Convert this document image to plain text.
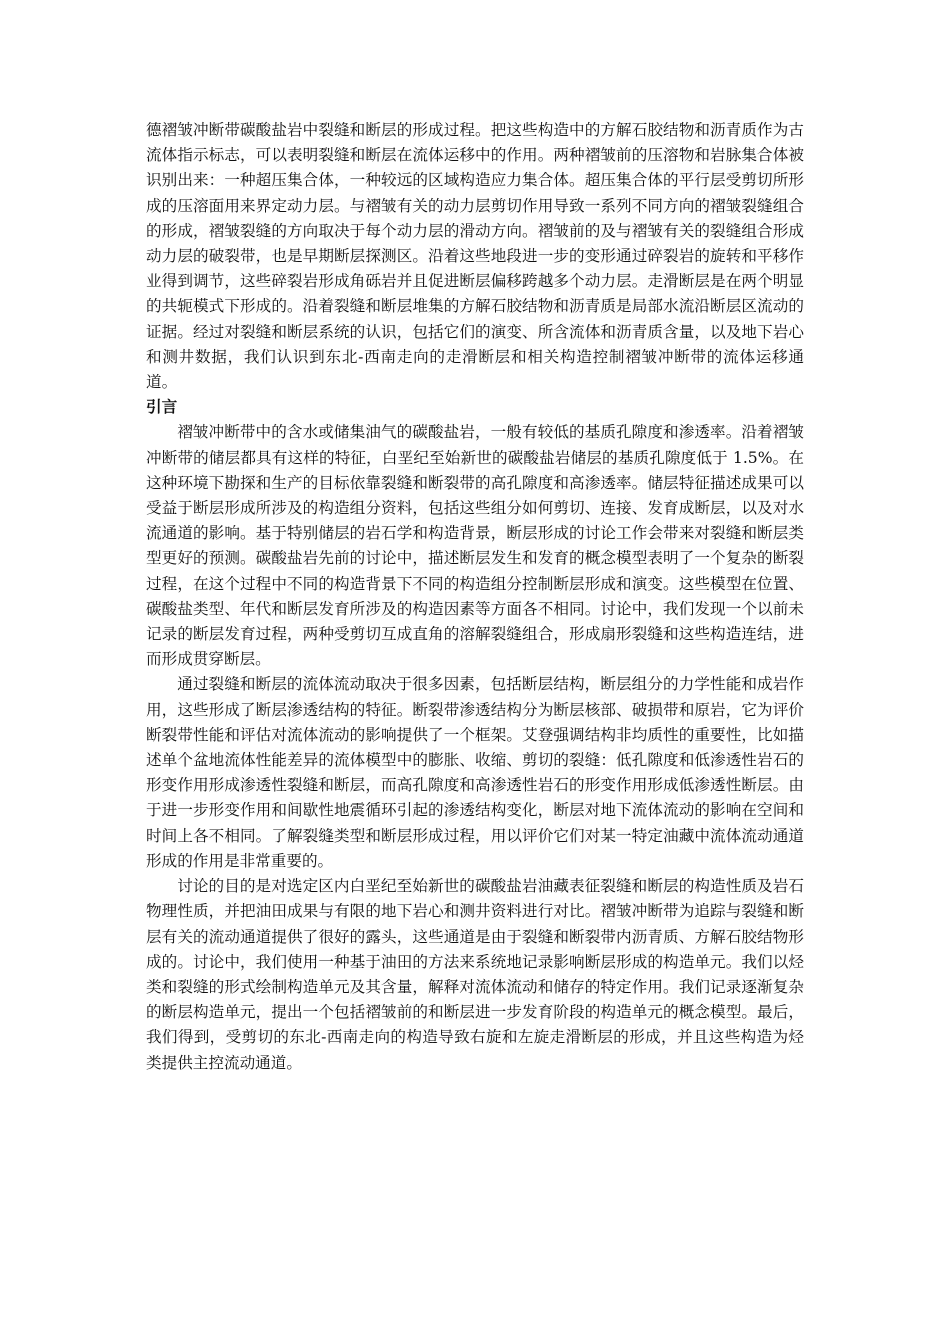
德褶皱冲断带碳酸盐岩中裂缝和断层的形成过程。把这些构造中的方解石胶结物和沥青质作为古流体指示标志，可以表明裂缝和断层在流体运移中的作用。两种褶皱前的压溶物和岩脉集合体被识别出来：一种超压集合体，一种较远的区域构造应力集合体。超压集合体的平行层受剪切所形成的压溶面用来界定动力层。与褶皱有关的动力层剪切作用导致一系列不同方向的褶皱裂缝组合的形成，褶皱裂缝的方向取决于每个动力层的滑动方向。褶皱前的及与褶皱有关的裂缝组合形成动力层的破裂带，也是早期断层探测区。沿着这些地段进一步的变形通过碎裂岩的旋转和平移作业得到调节，这些碎裂岩形成角砾岩并且促进断层偏移跨越多个动力层。走滑断层是在两个明显的共轭模式下形成的。沿着裂缝和断层堆集的方解石胶结物和沥青质是局部水流沿断层区流动的证据。经过对裂缝和断层系统的认识，包括它们的演变、所含流体和沥青质含量，以及地下岩心和测井数据，我们认识到东北-西南走向的走滑断层和相关构造控制褶皱冲断带的流体运移通道。

引言

褶皱冲断带中的含水或储集油气的碳酸盐岩，一般有较低的基质孔隙度和渗透率。沿着褶皱冲断带的储层都具有这样的特征，白垩纪至始新世的碳酸盐岩储层的基质孔隙度低于 1.5%。在这种环境下勘探和生产的目标依靠裂缝和断裂带的高孔隙度和高渗透率。储层特征描述成果可以受益于断层形成所涉及的构造组分资料，包括这些组分如何剪切、连接、发育成断层，以及对水流通道的影响。基于特别储层的岩石学和构造背景，断层形成的讨论工作会带来对裂缝和断层类型更好的预测。碳酸盐岩先前的讨论中，描述断层发生和发育的概念模型表明了一个复杂的断裂过程，在这个过程中不同的构造背景下不同的构造组分控制断层形成和演变。这些模型在位置、碳酸盐类型、年代和断层发育所涉及的构造因素等方面各不相同。讨论中，我们发现一个以前未记录的断层发育过程，两种受剪切互成直角的溶解裂缝组合，形成扇形裂缝和这些构造连结，进而形成贯穿断层。

通过裂缝和断层的流体流动取决于很多因素，包括断层结构，断层组分的力学性能和成岩作用，这些形成了断层渗透结构的特征。断裂带渗透结构分为断层核部、破损带和原岩，它为评价断裂带性能和评估对流体流动的影响提供了一个框架。艾登强调结构非均质性的重要性，比如描述单个盆地流体性能差异的流体模型中的膨胀、收缩、剪切的裂缝：低孔隙度和低渗透性岩石的形变作用形成渗透性裂缝和断层，而高孔隙度和高渗透性岩石的形变作用形成低渗透性断层。由于进一步形变作用和间歇性地震循环引起的渗透结构变化，断层对地下流体流动的影响在空间和时间上各不相同。了解裂缝类型和断层形成过程，用以评价它们对某一特定油藏中流体流动通道形成的作用是非常重要的。

讨论的目的是对选定区内白垩纪至始新世的碳酸盐岩油藏表征裂缝和断层的构造性质及岩石物理性质，并把油田成果与有限的地下岩心和测井资料进行对比。褶皱冲断带为追踪与裂缝和断层有关的流动通道提供了很好的露头，这些通道是由于裂缝和断裂带内沥青质、方解石胶结物形成的。讨论中，我们使用一种基于油田的方法来系统地记录影响断层形成的构造单元。我们以烃类和裂缝的形式绘制构造单元及其含量，解释对流体流动和储存的特定作用。我们记录逐渐复杂的断层构造单元，提出一个包括褶皱前的和断层进一步发育阶段的构造单元的概念模型。最后，我们得到，受剪切的东北-西南走向的构造导致右旋和左旋走滑断层的形成，并且这些构造为烃类提供主控流动通道。
